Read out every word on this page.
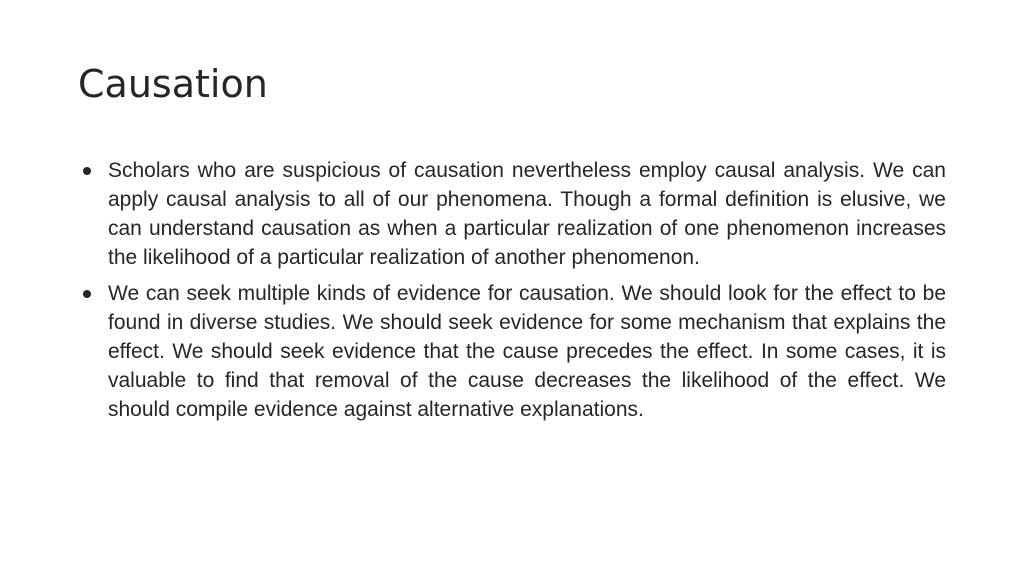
Causation
Scholars who are suspicious of causation nevertheless employ causal analysis. We can apply causal analysis to all of our phenomena. Though a formal definition is elusive, we can understand causation as when a particular realization of one phenomenon increases the likelihood of a particular realization of another phenomenon.
We can seek multiple kinds of evidence for causation. We should look for the effect to be found in diverse studies. We should seek evidence for some mechanism that explains the effect. We should seek evidence that the cause precedes the effect. In some cases, it is valuable to find that removal of the cause decreases the likelihood of the effect. We should compile evidence against alternative explanations.
